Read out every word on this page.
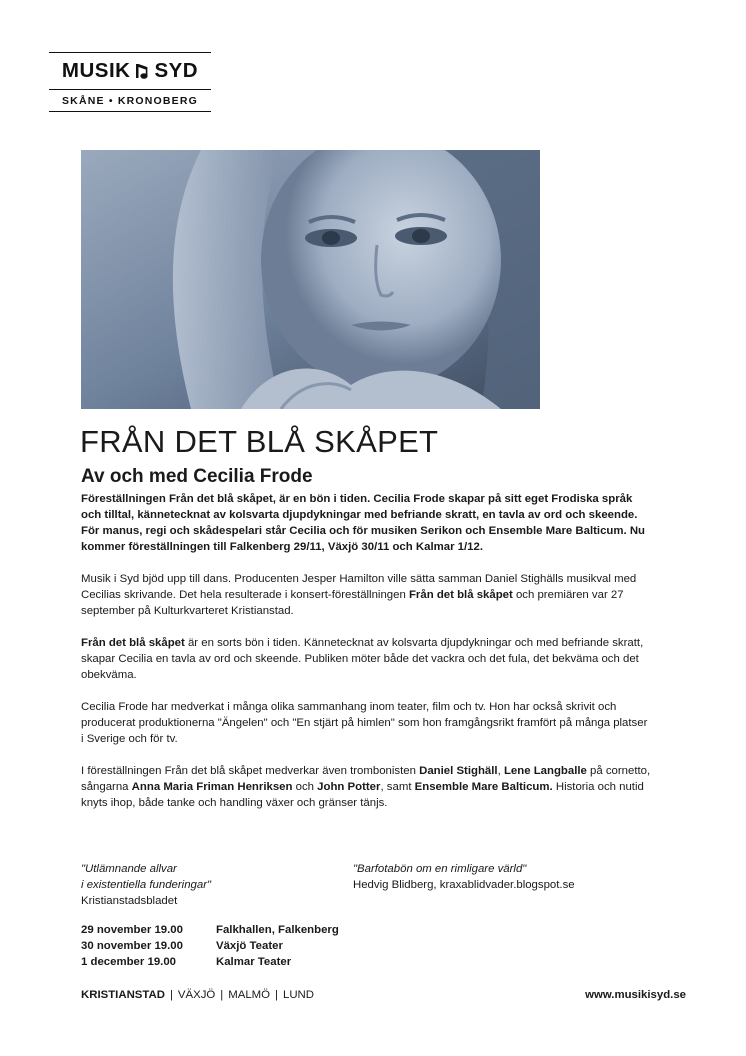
MUSIK SYD
SKÅNE • KRONOBERG
FRÅN DET BLÅ SKÅPET
Av och med Cecilia Frode

Föreställningen Från det blå skåpet, är en bön i tiden. Cecilia Frode skapar på sitt eget Frodiska språk och tilltal, kännetecknat av kolsvarta djupdykningar med befriande skratt, en tavla av ord och skeende. För manus, regi och skådespelari står Cecilia och för musiken Serikon och Ensemble Mare Balticum. Nu kommer föreställningen till Falkenberg 29/11, Växjö 30/11 och Kalmar 1/12.

Musik i Syd bjöd upp till dans. Producenten Jesper Hamilton ville sätta samman Daniel Stighälls musikval med Cecilias skrivande. Det hela resulterade i konsert-föreställningen Från det blå skåpet och premiären var 27 september på Kulturkvarteret Kristianstad.

Från det blå skåpet är en sorts bön i tiden. Kännetecknat av kolsvarta djupdykningar och med befriande skratt, skapar Cecilia en tavla av ord och skeende. Publiken möter både det vackra och det fula, det bekväma och det obekväma.

Cecilia Frode har medverkat i många olika sammanhang inom teater, film och tv. Hon har också skrivit och producerat produktionerna "Ängelen" och "En stjärt på himlen" som hon framgångsrikt framfört på många platser i Sverige och för tv.

I föreställningen Från det blå skåpet medverkar även trombonisten Daniel Stighäll, Lene Langballe på cornetto, sångarna Anna Maria Friman Henriksen och John Potter, samt Ensemble Mare Balticum. Historia och nutid knyts ihop, både tanke och handling växer och gränser tänjs.

"Utlämnande allvar
i existentiella funderingar"
Kristianstadsbladet
"Barfotabön om en rimligare värld"
Hedvig Blidberg, kraxablidvader.blogspot.se
29 november 19.00	Falkhallen, Falkenberg
30 november 19.00	Växjö Teater
1 december 19.00	Kalmar Teater
KRISTIANSTAD | VÄXJÖ | MALMÖ | LUND	www.musikisyd.se
